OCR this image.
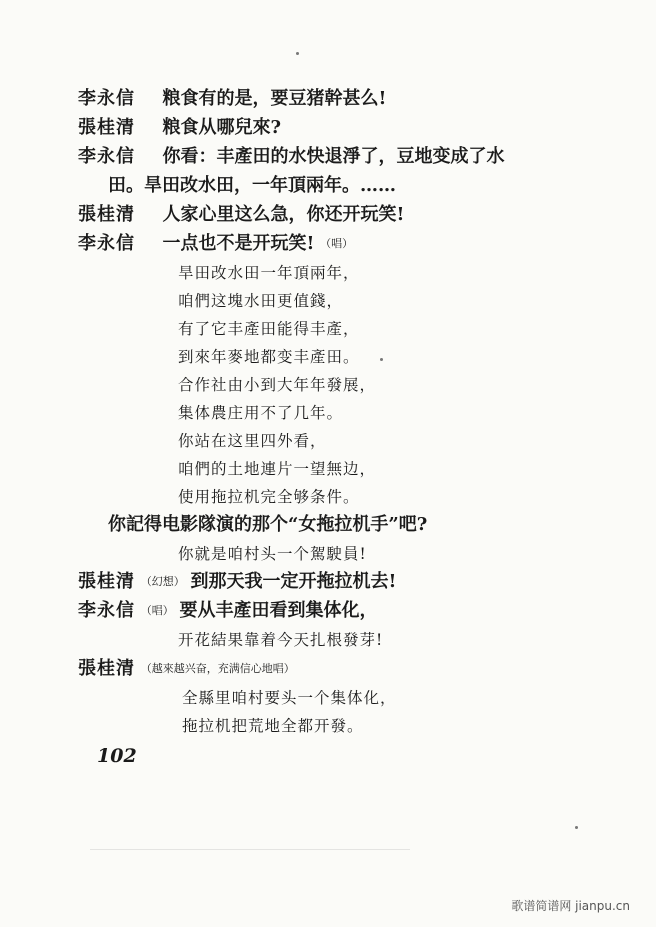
李永信 粮食有的是，要豆猪幹甚么!
張桂清 粮食从哪兒來?
李永信 你看：丰產田的水快退淨了，豆地变成了水
田。旱田改水田，一年頂兩年。……
張桂清 人家心里这么急，你还开玩笑!
李永信 一点也不是开玩笑! （唱）
旱田改水田一年頂兩年，
咱們这塊水田更值錢，
有了它丰產田能得丰產，
到來年麥地都变丰產田。
合作社由小到大年年發展，
集体農庄用不了几年。
你站在这里四外看，
咱們的土地連片一望無边，
使用拖拉机完全够条件。
你記得电影隊演的那个“女拖拉机手”吧?
你就是咱村头一个駕駛員!
張桂清 （幻想） 到那天我一定开拖拉机去!
李永信 （唱） 要从丰產田看到集体化，
开花結果靠着今天扎根發芽!
張桂清 （越來越兴奋，充满信心地唱）
全縣里咱村要头一个集体化，
拖拉机把荒地全都开發。
102
歌谱简谱网 jianpu.cn
